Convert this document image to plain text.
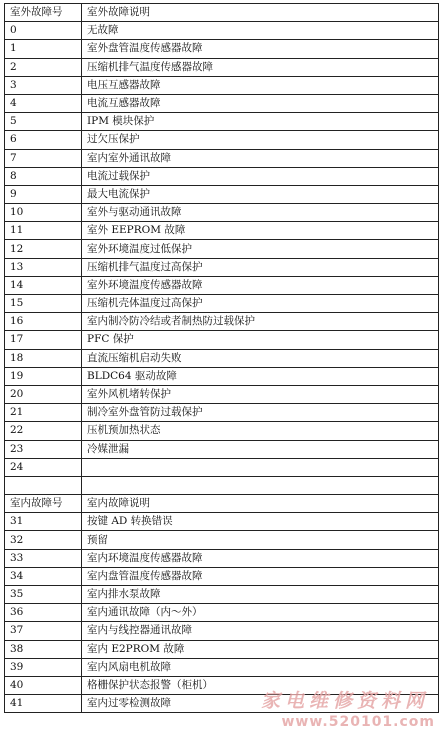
室外故障号	室外故障说明
0	无故障
1	室外盘管温度传感器故障
2	压缩机排气温度传感器故障
3	电压互感器故障
4	电流互感器故障
5	IPM 模块保护
6	过欠压保护
7	室内室外通讯故障
8	电流过载保护
9	最大电流保护
10	室外与驱动通讯故障
11	室外 EEPROM 故障
12	室外环境温度过低保护
13	压缩机排气温度过高保护
14	室外环境温度传感器故障
15	压缩机壳体温度过高保护
16	室内制冷防冷结或者制热防过载保护
17	PFC 保护
18	直流压缩机启动失败
19	BLDC64 驱动故障
20	室外风机堵转保护
21	制冷室外盘管防过载保护
22	压机预加热状态
23	冷媒泄漏
24	

室内故障号	室内故障说明
31	按键 AD 转换错误
32	预留
33	室内环境温度传感器故障
34	室内盘管温度传感器故障
35	室内排水泵故障
36	室内通讯故障（内～外）
37	室内与线控器通讯故障
38	室内 E2PROM 故障
39	室内风扇电机故障
40	格栅保护状态报警（柜机）
41	室内过零检测故障	家电维修资料网
www.520101.com
